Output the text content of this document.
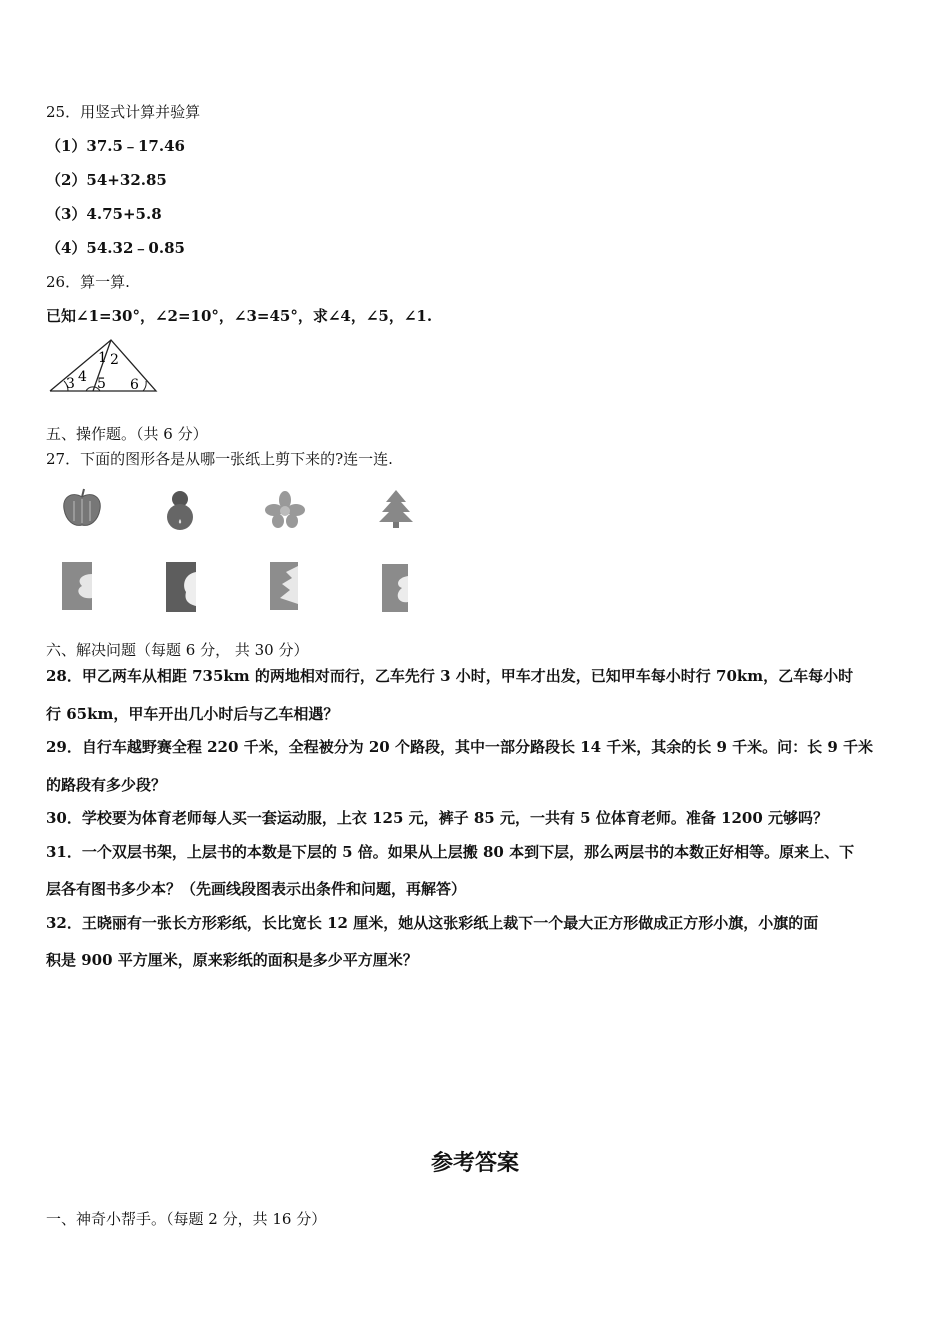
25．用竖式计算并验算
（1）37.5﹣17.46
（2）54+32.85
（3）4.75+5.8
（4）54.32﹣0.85
26．算一算.
已知∠1=30°，∠2=10°，∠3=45°，求∠4，∠5，∠1.
1 2
3 4 5 6
五、操作题。（共 6 分）
27．下面的图形各是从哪一张纸上剪下来的?连一连.
六、解决问题（每题 6 分， 共 30 分）
28．甲乙两车从相距 735km 的两地相对而行，乙车先行 3 小时，甲车才出发，已知甲车每小时行 70km，乙车每小时
行 65km，甲车开出几小时后与乙车相遇？
29．自行车越野赛全程 220 千米，全程被分为 20 个路段，其中一部分路段长 14 千米，其余的长 9 千米。问：长 9 千米
的路段有多少段？
30．学校要为体育老师每人买一套运动服，上衣 125 元，裤子 85 元，一共有 5 位体育老师。准备 1200 元够吗？
31．一个双层书架，上层书的本数是下层的 5 倍。如果从上层搬 80 本到下层，那么两层书的本数正好相等。原来上、下
层各有图书多少本？（先画线段图表示出条件和问题，再解答）
32．王晓丽有一张长方形彩纸，长比宽长 12 厘米，她从这张彩纸上裁下一个最大正方形做成正方形小旗，小旗的面
积是 900 平方厘米，原来彩纸的面积是多少平方厘米？
参考答案
一、神奇小帮手。（每题 2 分，共 16 分）
